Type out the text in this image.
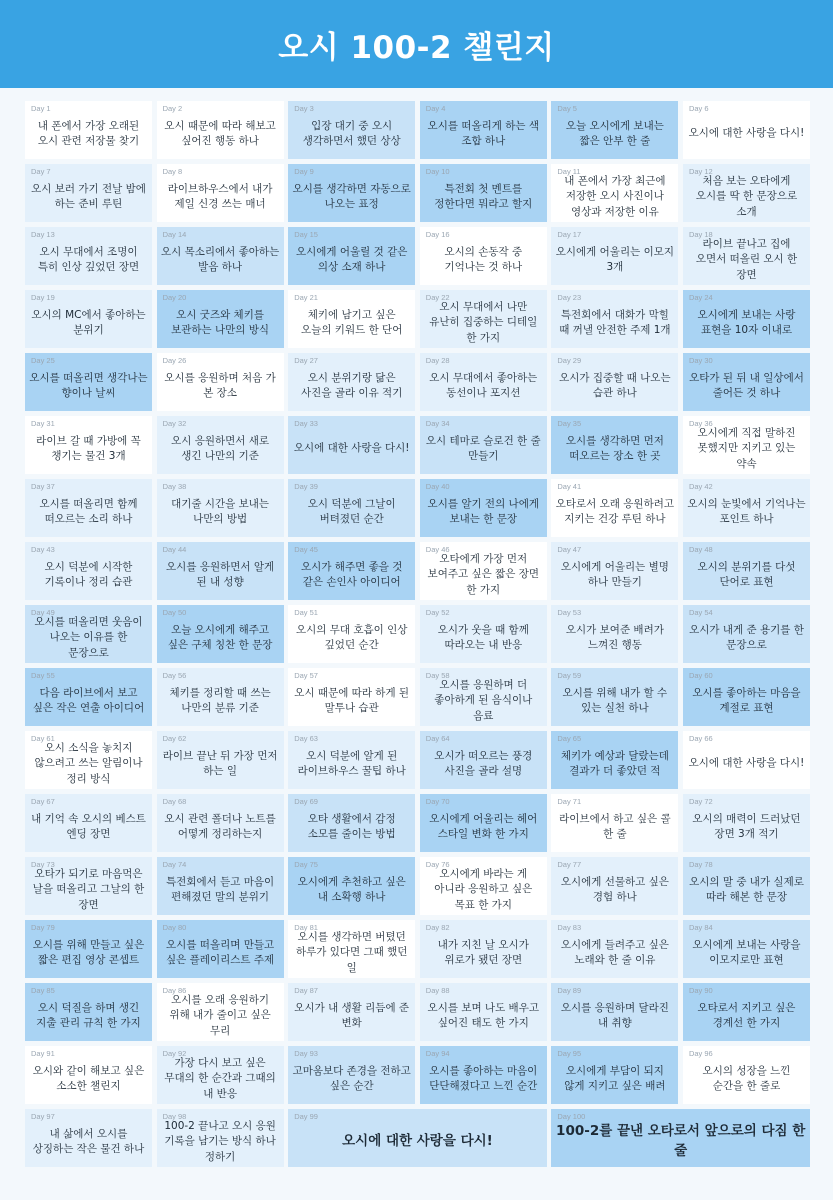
오시 100-2 챌린지
Day 1
내 폰에서 가장 오래된 오시 관련 저장물 찾기
Day 2
오시 때문에 따라 해보고 싶어진 행동 하나
Day 3
입장 대기 중 오시 생각하면서 했던 상상
Day 4
오시를 떠올리게 하는 색 조합 하나
Day 5
오늘 오시에게 보내는 짧은 안부 한 줄
Day 6
오시에 대한 사랑을 다시!
Day 7
오시 보러 가기 전날 밤에 하는 준비 루틴
Day 8
라이브하우스에서 내가 제일 신경 쓰는 매너
Day 9
오시를 생각하면 자동으로 나오는 표정
Day 10
특전회 첫 멘트를 정한다면 뭐라고 할지
Day 11
내 폰에서 가장 최근에 저장한 오시 사진이나 영상과 저장한 이유
Day 12
처음 보는 오타에게 오시를 딱 한 문장으로 소개
Day 13
오시 무대에서 조명이 특히 인상 깊었던 장면
Day 14
오시 목소리에서 좋아하는 발음 하나
Day 15
오시에게 어울릴 것 같은 의상 소재 하나
Day 16
오시의 손동작 중 기억나는 것 하나
Day 17
오시에게 어울리는 이모지 3개
Day 18
라이브 끝나고 집에 오면서 떠올린 오시 한 장면
Day 19
오시의 MC에서 좋아하는 분위기
Day 20
오시 굿즈와 체키를 보관하는 나만의 방식
Day 21
체키에 남기고 싶은 오늘의 키워드 한 단어
Day 22
오시 무대에서 나만 유난히 집중하는 디테일 한 가지
Day 23
특전회에서 대화가 막힐 때 꺼낼 안전한 주제 1개
Day 24
오시에게 보내는 사랑 표현을 10자 이내로
Day 25
오시를 떠올리면 생각나는 향이나 날씨
Day 26
오시를 응원하며 처음 가 본 장소
Day 27
오시 분위기랑 닮은 사진을 골라 이유 적기
Day 28
오시 무대에서 좋아하는 동선이나 포지션
Day 29
오시가 집중할 때 나오는 습관 하나
Day 30
오타가 된 뒤 내 일상에서 줄어든 것 하나
Day 31
라이브 갈 때 가방에 꼭 챙기는 물건 3개
Day 32
오시 응원하면서 새로 생긴 나만의 기준
Day 33
오시에 대한 사랑을 다시!
Day 34
오시 테마로 슬로건 한 줄 만들기
Day 35
오시를 생각하면 먼저 떠오르는 장소 한 곳
Day 36
오시에게 직접 말하진 못했지만 지키고 있는 약속
Day 37
오시를 떠올리면 함께 떠오르는 소리 하나
Day 38
대기줄 시간을 보내는 나만의 방법
Day 39
오시 덕분에 그날이 버텨졌던 순간
Day 40
오시를 알기 전의 나에게 보내는 한 문장
Day 41
오타로서 오래 응원하려고 지키는 건강 루틴 하나
Day 42
오시의 눈빛에서 기억나는 포인트 하나
Day 43
오시 덕분에 시작한 기록이나 정리 습관
Day 44
오시를 응원하면서 알게 된 내 성향
Day 45
오시가 해주면 좋을 것 같은 손인사 아이디어
Day 46
오타에게 가장 먼저 보여주고 싶은 짧은 장면 한 가지
Day 47
오시에게 어울리는 별명 하나 만들기
Day 48
오시의 분위기를 다섯 단어로 표현
Day 49
오시를 떠올리면 웃음이 나오는 이유를 한 문장으로
Day 50
오늘 오시에게 해주고 싶은 구체 칭찬 한 문장
Day 51
오시의 무대 호흡이 인상 깊었던 순간
Day 52
오시가 웃을 때 함께 따라오는 내 반응
Day 53
오시가 보여준 배려가 느껴진 행동
Day 54
오시가 내게 준 용기를 한 문장으로
Day 55
다음 라이브에서 보고 싶은 작은 연출 아이디어
Day 56
체키를 정리할 때 쓰는 나만의 분류 기준
Day 57
오시 때문에 따라 하게 된 말투나 습관
Day 58
오시를 응원하며 더 좋아하게 된 음식이나 음료
Day 59
오시를 위해 내가 할 수 있는 실천 하나
Day 60
오시를 좋아하는 마음을 계절로 표현
Day 61
오시 소식을 놓치지 않으려고 쓰는 알림이나 정리 방식
Day 62
라이브 끝난 뒤 가장 먼저 하는 일
Day 63
오시 덕분에 알게 된 라이브하우스 꿀팁 하나
Day 64
오시가 떠오르는 풍경 사진을 골라 설명
Day 65
체키가 예상과 달랐는데 결과가 더 좋았던 적
Day 66
오시에 대한 사랑을 다시!
Day 67
내 기억 속 오시의 베스트 엔딩 장면
Day 68
오시 관련 폴더나 노트를 어떻게 정리하는지
Day 69
오타 생활에서 감정 소모를 줄이는 방법
Day 70
오시에게 어울리는 헤어 스타일 변화 한 가지
Day 71
라이브에서 하고 싶은 콜 한 줄
Day 72
오시의 매력이 드러났던 장면 3개 적기
Day 73
오타가 되기로 마음먹은 날을 떠올리고 그날의 한 장면
Day 74
특전회에서 듣고 마음이 편해졌던 말의 분위기
Day 75
오시에게 추천하고 싶은 내 소확행 하나
Day 76
오시에게 바라는 게 아니라 응원하고 싶은 목표 한 가지
Day 77
오시에게 선물하고 싶은 경험 하나
Day 78
오시의 말 중 내가 실제로 따라 해본 한 문장
Day 79
오시를 위해 만들고 싶은 짧은 편집 영상 콘셉트
Day 80
오시를 떠올리며 만들고 싶은 플레이리스트 주제
Day 81
오시를 생각하면 버텼던 하루가 있다면 그때 했던 일
Day 82
내가 지친 날 오시가 위로가 됐던 장면
Day 83
오시에게 들려주고 싶은 노래와 한 줄 이유
Day 84
오시에게 보내는 사랑을 이모지로만 표현
Day 85
오시 덕질을 하며 생긴 지출 관리 규칙 한 가지
Day 86
오시를 오래 응원하기 위해 내가 줄이고 싶은 무리
Day 87
오시가 내 생활 리듬에 준 변화
Day 88
오시를 보며 나도 배우고 싶어진 태도 한 가지
Day 89
오시를 응원하며 달라진 내 취향
Day 90
오타로서 지키고 싶은 경계선 한 가지
Day 91
오시와 같이 해보고 싶은 소소한 챌린지
Day 92
가장 다시 보고 싶은 무대의 한 순간과 그때의 내 반응
Day 93
고마움보다 존경을 전하고 싶은 순간
Day 94
오시를 좋아하는 마음이 단단해졌다고 느낀 순간
Day 95
오시에게 부담이 되지 않게 지키고 싶은 배려
Day 96
오시의 성장을 느낀 순간을 한 줄로
Day 97
내 삶에서 오시를 상징하는 작은 물건 하나
Day 98
100-2 끝나고 오시 응원 기록을 남기는 방식 하나 정하기
Day 99
오시에 대한 사랑을 다시!
Day 100
100-2를 끝낸 오타로서 앞으로의 다짐 한 줄
